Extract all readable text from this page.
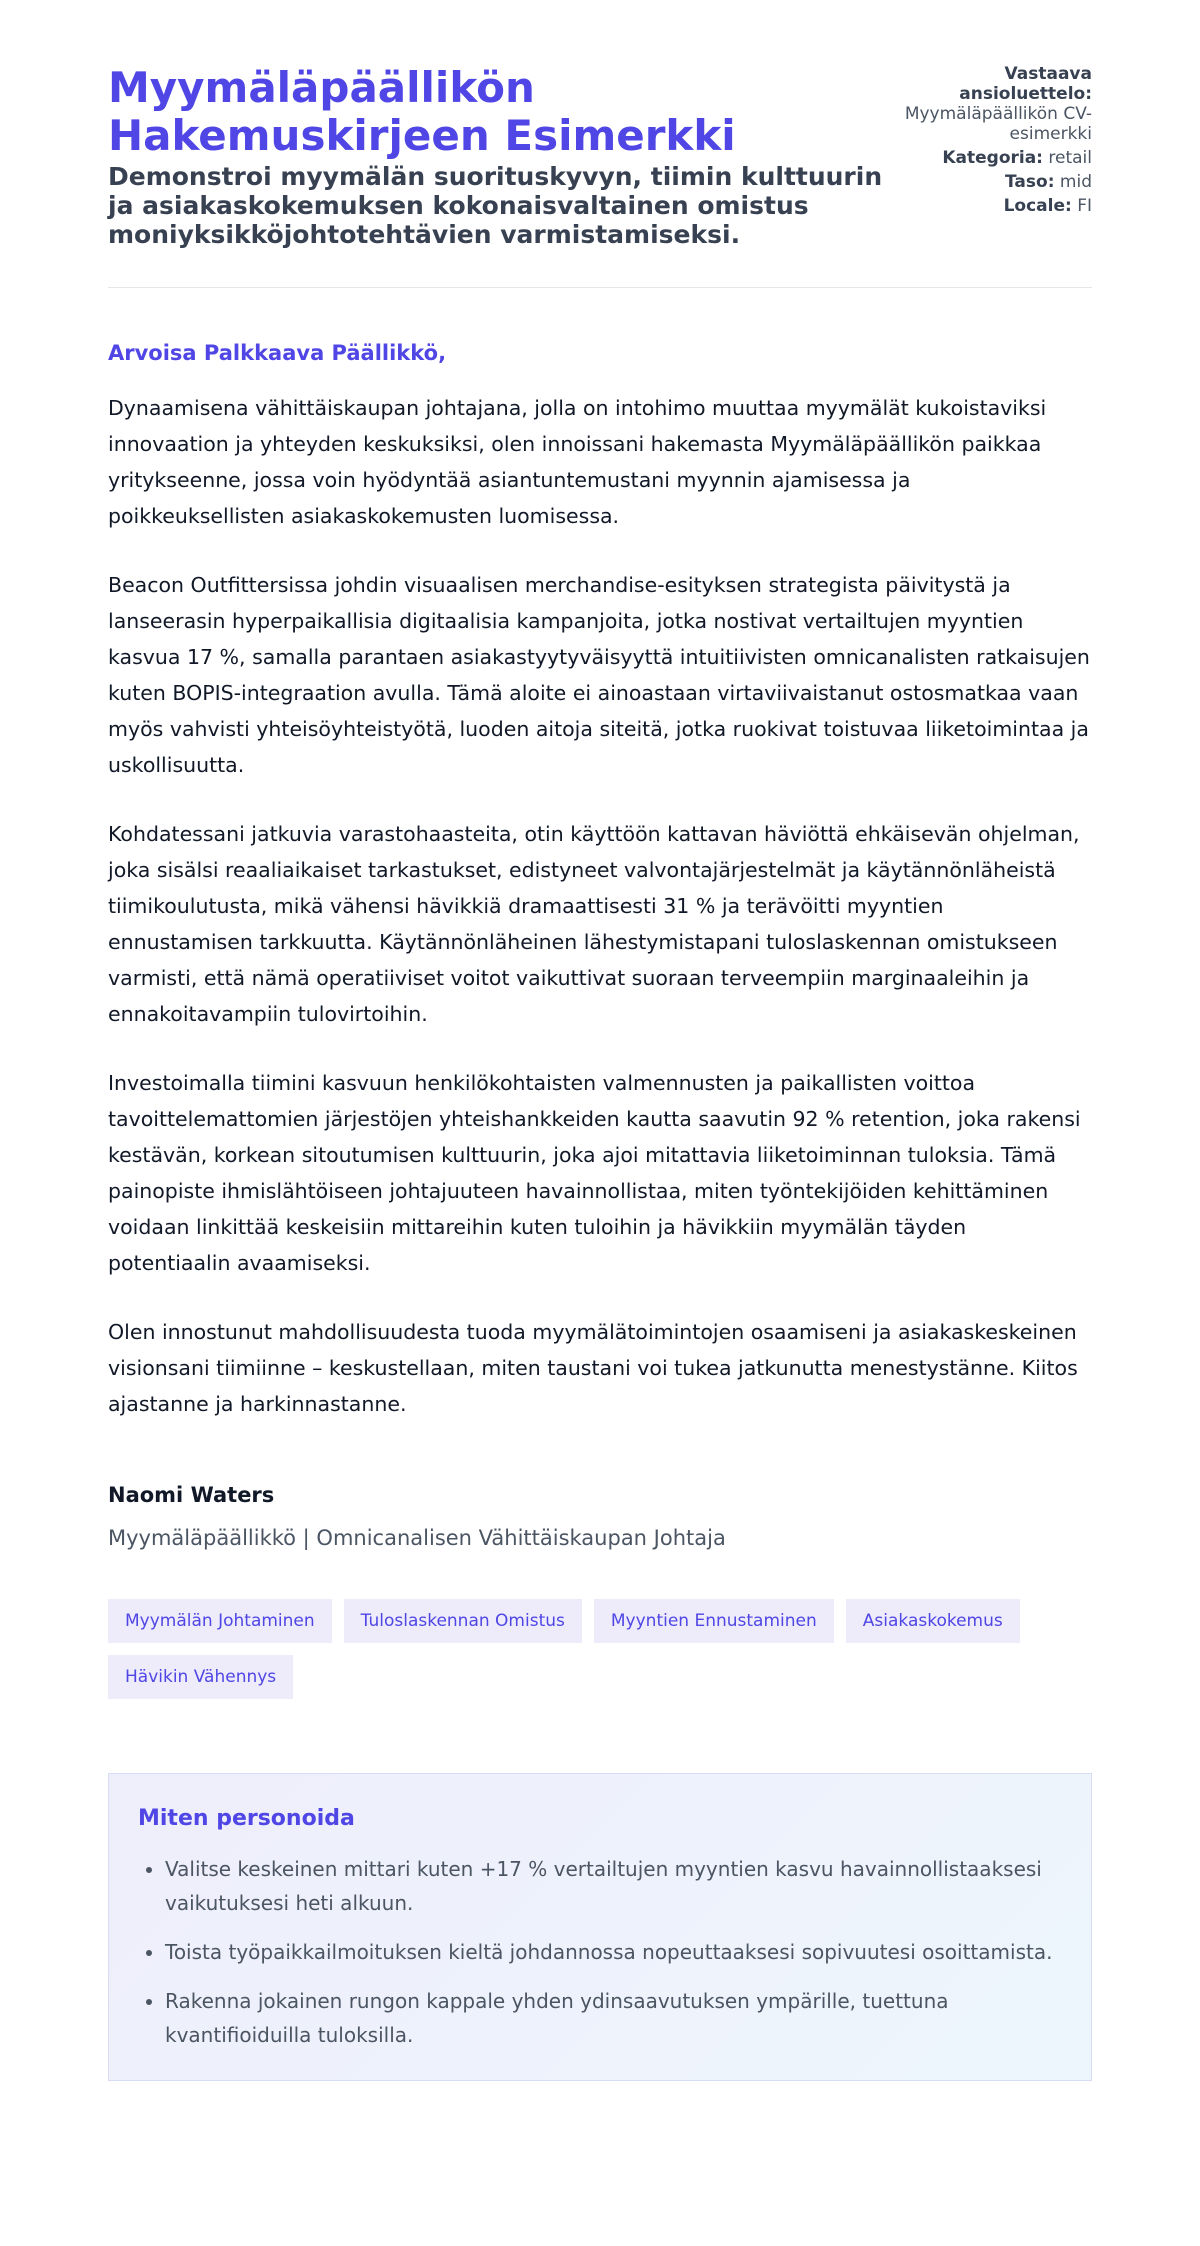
Myymäläpäällikön Hakemuskirjeen Esimerkki

Demonstroi myymälän suorituskyvyn, tiimin kulttuurin ja asiakaskokemuksen kokonaisvaltainen omistus moniyksikköjohtotehtävien varmistamiseksi.

Vastaava ansioluettelo:
Myymäläpäällikön CV-esimerkki
Kategoria: retail
Taso: mid
Locale: FI
Arvoisa Palkkaava Päällikkö,

Dynaamisena vähittäiskaupan johtajana, jolla on intohimo muuttaa myymälät kukoistaviksi innovaation ja yhteyden keskuksiksi, olen innoissani hakemasta Myymäläpäällikön paikkaa yritykseenne, jossa voin hyödyntää asiantuntemustani myynnin ajamisessa ja poikkeuksellisten asiakaskokemusten luomisessa.

Beacon Outfittersissa johdin visuaalisen merchandise-esityksen strategista päivitystä ja lanseerasin hyperpaikallisia digitaalisia kampanjoita, jotka nostivat vertailtujen myyntien kasvua 17 %, samalla parantaen asiakastyytyväisyyttä intuitiivisten omnicanalisten ratkaisujen kuten BOPIS-integraation avulla. Tämä aloite ei ainoastaan virtaviivaistanut ostosmatkaa vaan myös vahvisti yhteisöyhteistyötä, luoden aitoja siteitä, jotka ruokivat toistuvaa liiketoimintaa ja uskollisuutta.

Kohdatessani jatkuvia varastohaasteita, otin käyttöön kattavan häviöttä ehkäisevän ohjelman, joka sisälsi reaaliaikaiset tarkastukset, edistyneet valvontajärjestelmät ja käytännönläheistä tiimikoulutusta, mikä vähensi hävikkiä dramaattisesti 31 % ja terävöitti myyntien ennustamisen tarkkuutta. Käytännönläheinen lähestymistapani tuloslaskennan omistukseen varmisti, että nämä operatiiviset voitot vaikuttivat suoraan terveempiin marginaaleihin ja ennakoitavampiin tulovirtoihin.

Investoimalla tiimini kasvuun henkilökohtaisten valmennusten ja paikallisten voittoa tavoittelemattomien järjestöjen yhteishankkeiden kautta saavutin 92 % retention, joka rakensi kestävän, korkean sitoutumisen kulttuurin, joka ajoi mitattavia liiketoiminnan tuloksia. Tämä painopiste ihmislähtöiseen johtajuuteen havainnollistaa, miten työntekijöiden kehittäminen voidaan linkittää keskeisiin mittareihin kuten tuloihin ja hävikkiin myymälän täyden potentiaalin avaamiseksi.

Olen innostunut mahdollisuudesta tuoda myymälätoimintojen osaamiseni ja asiakaskeskeinen visionsani tiimiinne – keskustellaan, miten taustani voi tukea jatkunutta menestystänne. Kiitos ajastanne ja harkinnastanne.

Naomi Waters
Myymäläpäällikkö | Omnicanalisen Vähittäiskaupan Johtaja
Myymälän Johtaminen	Tuloslaskennan Omistus	Myyntien Ennustaminen	Asiakaskokemus
Hävikin Vähennys
Miten personoida
• Valitse keskeinen mittari kuten +17 % vertailtujen myyntien kasvu havainnollistaaksesi vaikutuksesi heti alkuun.
• Toista työpaikkailmoituksen kieltä johdannossa nopeuttaaksesi sopivuutesi osoittamista.
• Rakenna jokainen rungon kappale yhden ydinsaavutuksen ympärille, tuettuna kvantifioiduilla tuloksilla.
